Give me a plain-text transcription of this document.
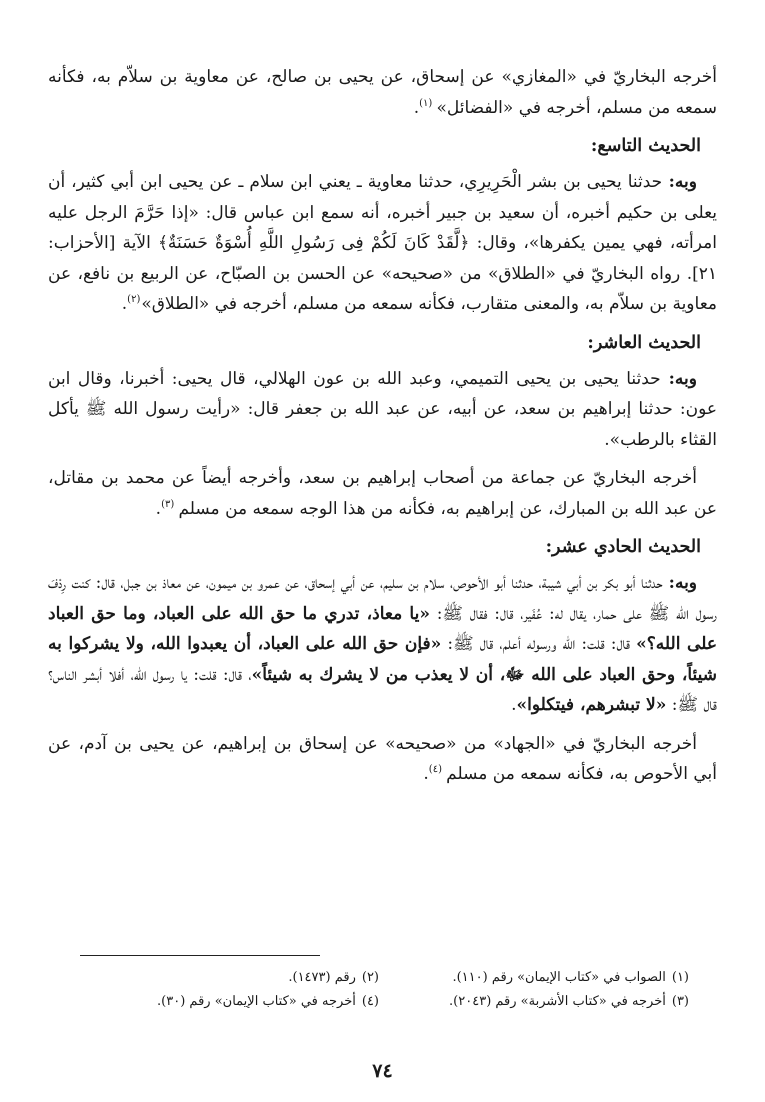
أخرجه البخاريّ في «المغازي» عن إسحاق، عن يحيى بن صالح، عن معاوية بن سلاّم به، فكأنه سمعه من مسلم، أخرجه في «الفضائل» $^{(١)}$.

الحديث التاسع:

وبه: حدثنا يحيى بن بشر الْحَرِيرِي، حدثنا معاوية ـ يعني ابن سلام ـ عن يحيى ابن أبي كثير، أن يعلى بن حكيم أخبره، أن سعيد بن جبير أخبره، أنه سمع ابن عباس قال: «إذا حَرَّمَ الرجل عليه امرأته، فهي يمين يكفرها»، وقال: ﴿لَّقَدْ كَانَ لَكُمْ فِى رَسُولِ اللَّهِ أُسْوَةٌ حَسَنَةٌ﴾ الآية [الأحزاب: ٢١]. رواه البخاريّ في «الطلاق» من «صحيحه» عن الحسن بن الصبّاح، عن الربيع بن نافع، عن معاوية بن سلاّم به، والمعنى متقارب، فكأنه سمعه من مسلم، أخرجه في «الطلاق»$^{(٢)}$.

الحديث العاشر:

وبه: حدثنا يحيى بن يحيى التميمي، وعبد الله بن عون الهلالي، قال يحيى: أخبرنا، وقال ابن عون: حدثنا إبراهيم بن سعد، عن أبيه، عن عبد الله بن جعفر قال: «رأيت رسول الله ﷺ يأكل القثاء بالرطب».

أخرجه البخاريّ عن جماعة من أصحاب إبراهيم بن سعد، وأخرجه أيضاً عن محمد بن مقاتل، عن عبد الله بن المبارك، عن إبراهيم به، فكأنه من هذا الوجه سمعه من مسلم $^{(٣)}$.

الحديث الحادي عشر:

وبه: حدثنا أبو بكر بن أبي شيبة، حدثنا أبو الأحوص، سلام بن سليم، عن أبي إسحاق، عن عمرو بن ميمون، عن معاذ بن جبل، قال: كنت رِدْفَ رسول الله ﷺ على حمار، يقال له: عُفَير، قال: فقال ﷺ: «يا معاذ، تدري ما حق الله على العباد، وما حق العباد على الله؟» قال: قلت: الله ورسوله أعلم، قال ﷺ: «فإن حق الله على العباد، أن يعبدوا الله، ولا يشركوا به شيئاً، وحق العباد على الله ﷻ، أن لا يعذب من لا يشرك به شيئاً»، قال: قلت: يا رسول الله، أفلا أبشر الناس؟ قال ﷺ: «لا تبشرهم، فيتكلوا».

أخرجه البخاريّ في «الجهاد» من «صحيحه» عن إسحاق بن إبراهيم، عن يحيى بن آدم، عن أبي الأحوص به، فكأنه سمعه من مسلم $^{(٤)}$.

(١)الصواب في «كتاب الإيمان» رقم (١١٠).
(٢)رقم (١٤٧٣).
(٣)أخرجه في «كتاب الأشربة» رقم (٢٠٤٣).
(٤)أخرجه في «كتاب الإيمان» رقم (٣٠).
٧٤
